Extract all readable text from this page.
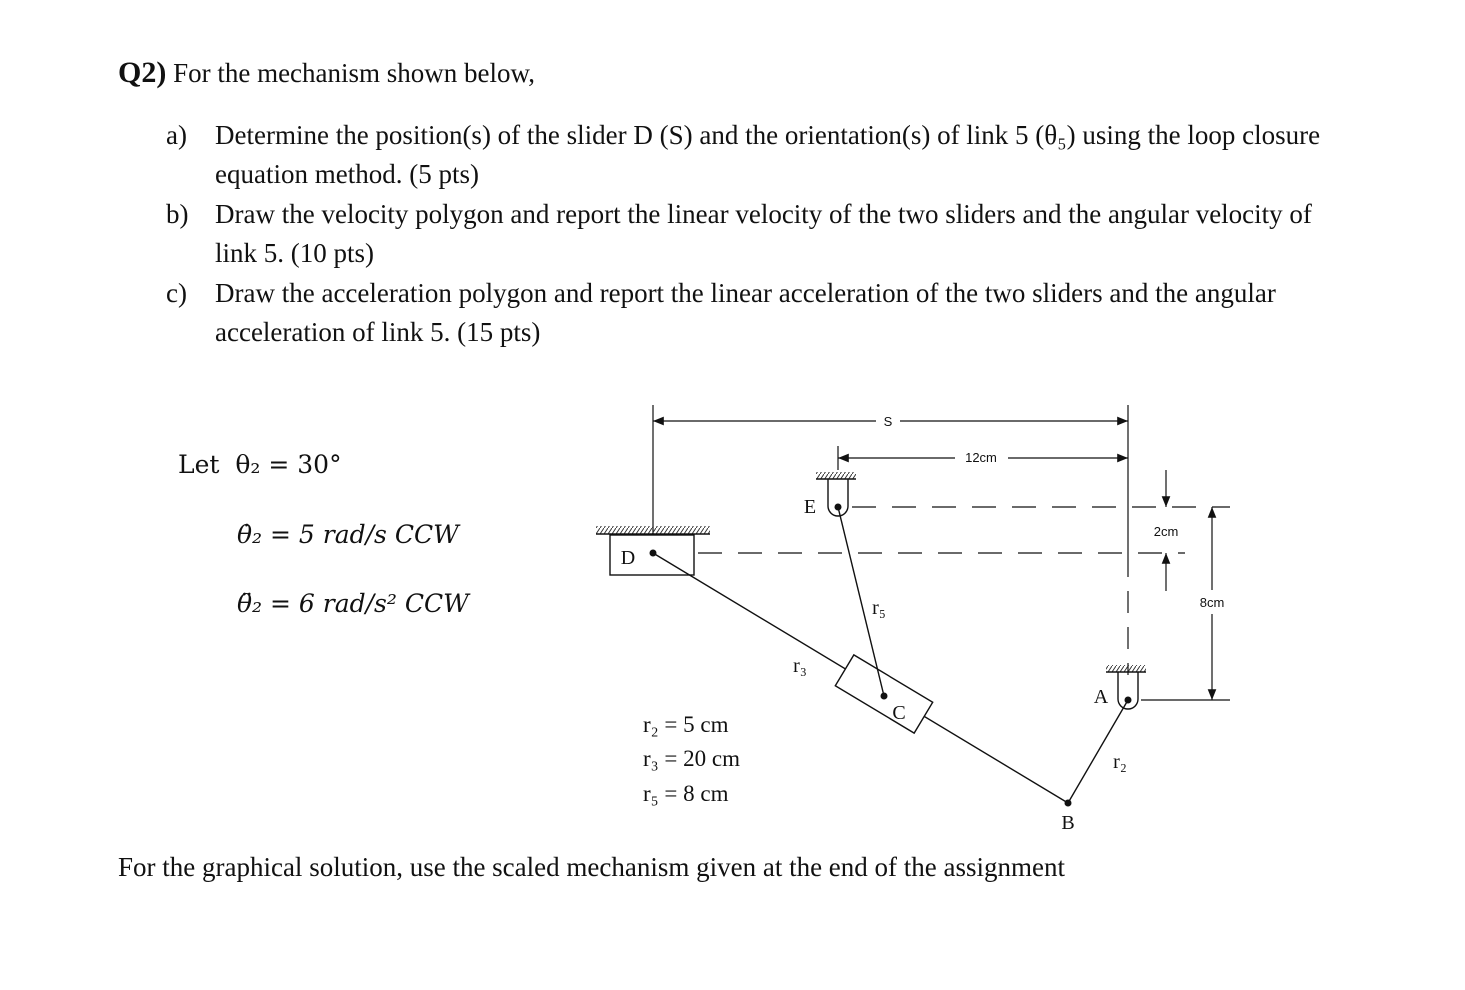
Q2) For the mechanism shown below,
a) Determine the position(s) of the slider D (S) and the orientation(s) of link 5 (θ₅) using the loop closure equation method. (5 pts)
b) Draw the velocity polygon and report the linear velocity of the two sliders and the angular velocity of link 5. (10 pts)
c) Draw the acceleration polygon and report the linear acceleration of the two sliders and the angular acceleration of link 5. (15 pts)
Let θ₂ = 30°
θ̇₂ = 5 rad/s CCW
θ̈₂ = 6 rad/s² CCW
r₂ = 5 cm
r₃ = 20 cm
r₅ = 8 cm
S
12cm
2cm
8cm
D
r₃
r₂
C
r₅
E
A
B
For the graphical solution, use the scaled mechanism given at the end of the assignment
